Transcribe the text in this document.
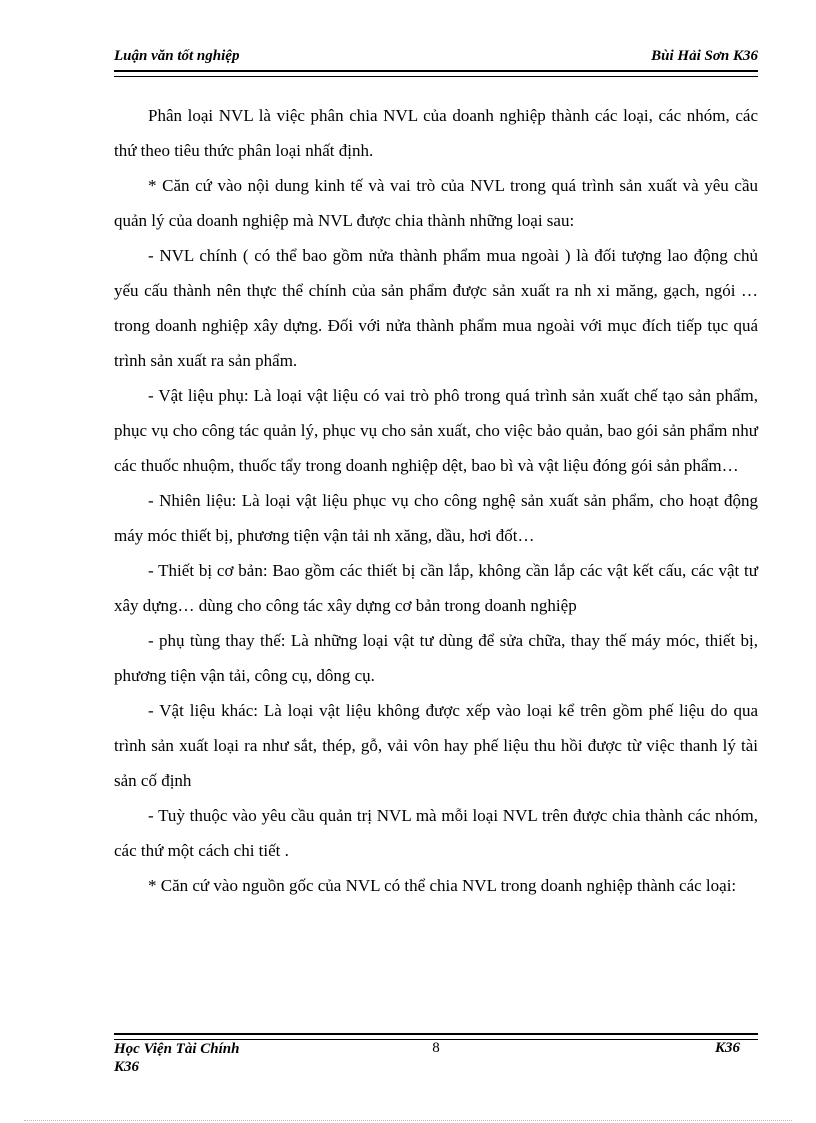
Luận văn tốt nghiệp	Bùi Hải Sơn K36

Phân loại NVL là việc phân chia NVL của doanh nghiệp thành các loại, các nhóm, các thứ theo tiêu thức phân loại nhất định.

* Căn cứ vào nội dung kinh tế và vai trò của NVL trong quá trình sản xuất và yêu cầu quản lý của doanh nghiệp mà NVL được chia thành những loại sau:

- NVL chính ( có thể bao gồm nửa thành phẩm mua ngoài ) là đối tượng lao động chủ yếu cấu thành nên thực thể chính của sản phẩm được sản xuất ra nh xi măng, gạch, ngói …trong doanh nghiệp xây dựng. Đối với nửa thành phẩm mua ngoài với mục đích tiếp tục quá trình sản xuất ra sản phẩm.

- Vật liệu phụ: Là loại vật liệu có vai trò phô trong quá trình sản xuất chế tạo sản phẩm, phục vụ cho công tác quản lý, phục vụ cho sản xuất, cho việc bảo quản, bao gói sản phẩm như các thuốc nhuộm, thuốc tẩy trong doanh nghiệp dệt, bao bì và vật liệu đóng gói sản phẩm…

- Nhiên liệu: Là loại vật liệu phục vụ cho công nghệ sản xuất sản phẩm, cho hoạt động máy móc thiết bị, phương tiện vận tải nh xăng, dầu, hơi đốt…

- Thiết bị cơ bản: Bao gồm các thiết bị cần lắp, không cần lắp các vật kết cấu, các vật tư xây dựng… dùng cho công tác xây dựng cơ bản trong doanh nghiệp

- phụ tùng thay thế: Là những loại vật tư dùng để sửa chữa, thay thế máy móc, thiết bị, phương tiện vận tải, công cụ, dông cụ.

- Vật liệu khác: Là loại vật liệu không được xếp vào loại kể trên gồm phế liệu do qua trình sản xuất loại ra như sắt, thép, gỗ, vải vôn hay phế liệu thu hồi được từ việc thanh lý tài sản cố định

- Tuỳ thuộc vào yêu cầu quản trị NVL mà mỗi loại NVL trên được chia thành các nhóm, các thứ một cách chi tiết .

* Căn cứ vào nguồn gốc của NVL có thể chia NVL trong doanh nghiệp thành các loại:

Học Viện Tài Chính
K36
8	K36
